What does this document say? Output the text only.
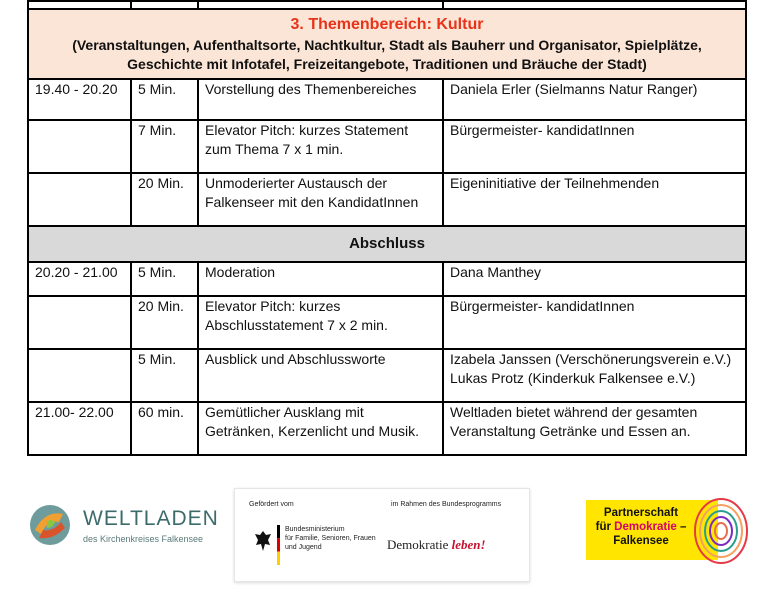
3. Themenbereich: Kultur
(Veranstaltungen, Aufenthaltsorte, Nachtkultur, Stadt als Bauherr und Organisator, Spielplätze, Geschichte mit Infotafel, Freizeitangebote, Traditionen und Bräuche der Stadt)			

19.40 - 20.20	5 Min.	Vorstellung des Themenbereiches	Daniela Erler (Sielmanns Natur Ranger)
	7 Min.	Elevator Pitch: kurzes Statement zum Thema 7 x 1 min.	Bürgermeister- kandidatInnen
	20 Min.	Unmoderierter Austausch der Falkenseer mit den KandidatInnen	Eigeninitiative der Teilnehmenden
Abschluss			
20.20 - 21.00	5 Min.	Moderation	Dana Manthey
	20 Min.	Elevator Pitch: kurzes Abschlusstatement 7 x 2 min.	Bürgermeister- kandidatInnen
	5 Min.	Ausblick und Abschlussworte	Izabela Janssen (Verschönerungsverein e.V.)
Lukas Protz (Kinderkuk Falkensee e.V.)

21.00- 22.00	60 min.	Gemütlicher Ausklang mit Getränken, Kerzenlicht und Musik.	Weltladen bietet während der gesamten Veranstaltung Getränke und Essen an.
WELTLADEN
des Kirchenkreises Falkensee
Gefördert vom	im Rahmen des Bundesprogramms
Bundesministerium
für Familie, Senioren, Frauen
und Jugend	Demokratie leben!
Partnerschaft
für Demokratie –
Falkensee
